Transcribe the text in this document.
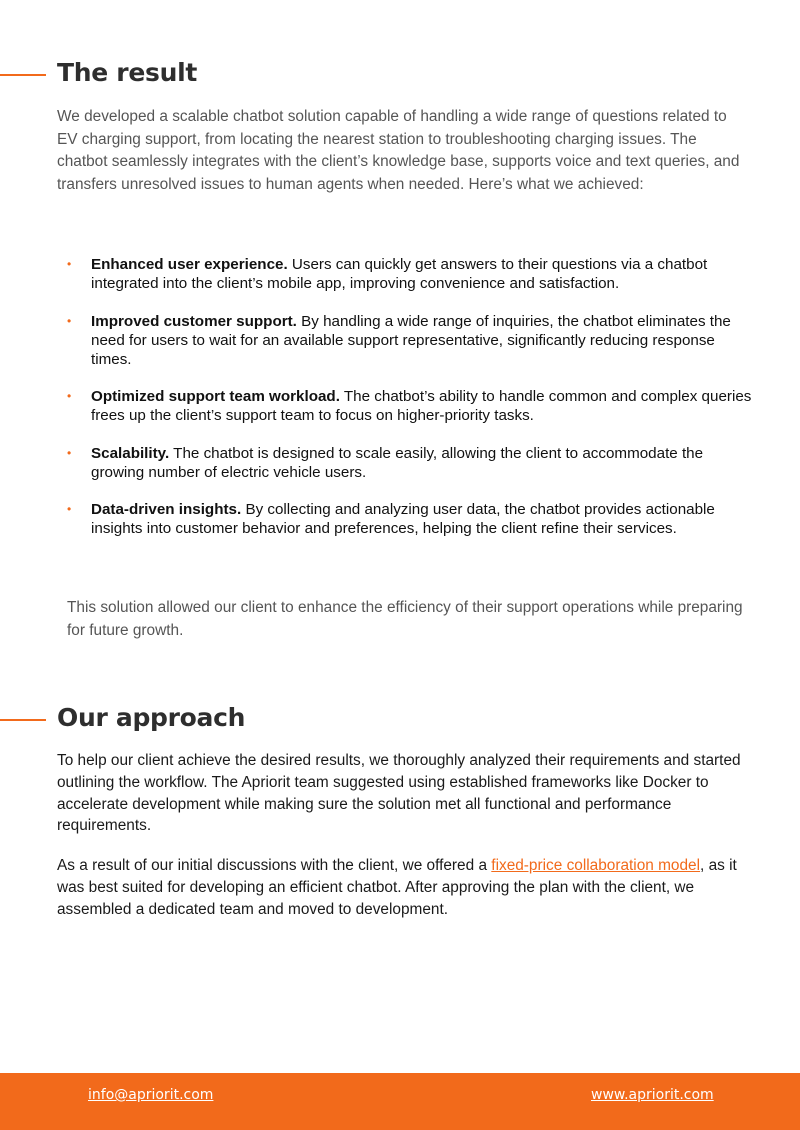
The result

We developed a scalable chatbot solution capable of handling a wide range of questions related to EV charging support, from locating the nearest station to troubleshooting charging issues. The chatbot seamlessly integrates with the client’s knowledge base, supports voice and text queries, and transfers unresolved issues to human agents when needed. Here’s what we achieved:

• Enhanced user experience. Users can quickly get answers to their questions via a chatbot integrated into the client’s mobile app, improving convenience and satisfaction.
• Improved customer support. By handling a wide range of inquiries, the chatbot eliminates the need for users to wait for an available support representative, significantly reducing response times.
• Optimized support team workload. The chatbot’s ability to handle common and complex queries frees up the client’s support team to focus on higher-priority tasks.
• Scalability. The chatbot is designed to scale easily, allowing the client to accommodate the growing number of electric vehicle users.
• Data-driven insights. By collecting and analyzing user data, the chatbot provides actionable insights into customer behavior and preferences, helping the client refine their services.

This solution allowed our client to enhance the efficiency of their support operations while preparing for future growth.

Our approach

To help our client achieve the desired results, we thoroughly analyzed their requirements and started outlining the workflow. The Apriorit team suggested using established frameworks like Docker to accelerate development while making sure the solution met all functional and performance requirements.

As a result of our initial discussions with the client, we offered a fixed-price collaboration model, as it was best suited for developing an efficient chatbot. After approving the plan with the client, we assembled a dedicated team and moved to development.

info@apriorit.com	www.apriorit.com
